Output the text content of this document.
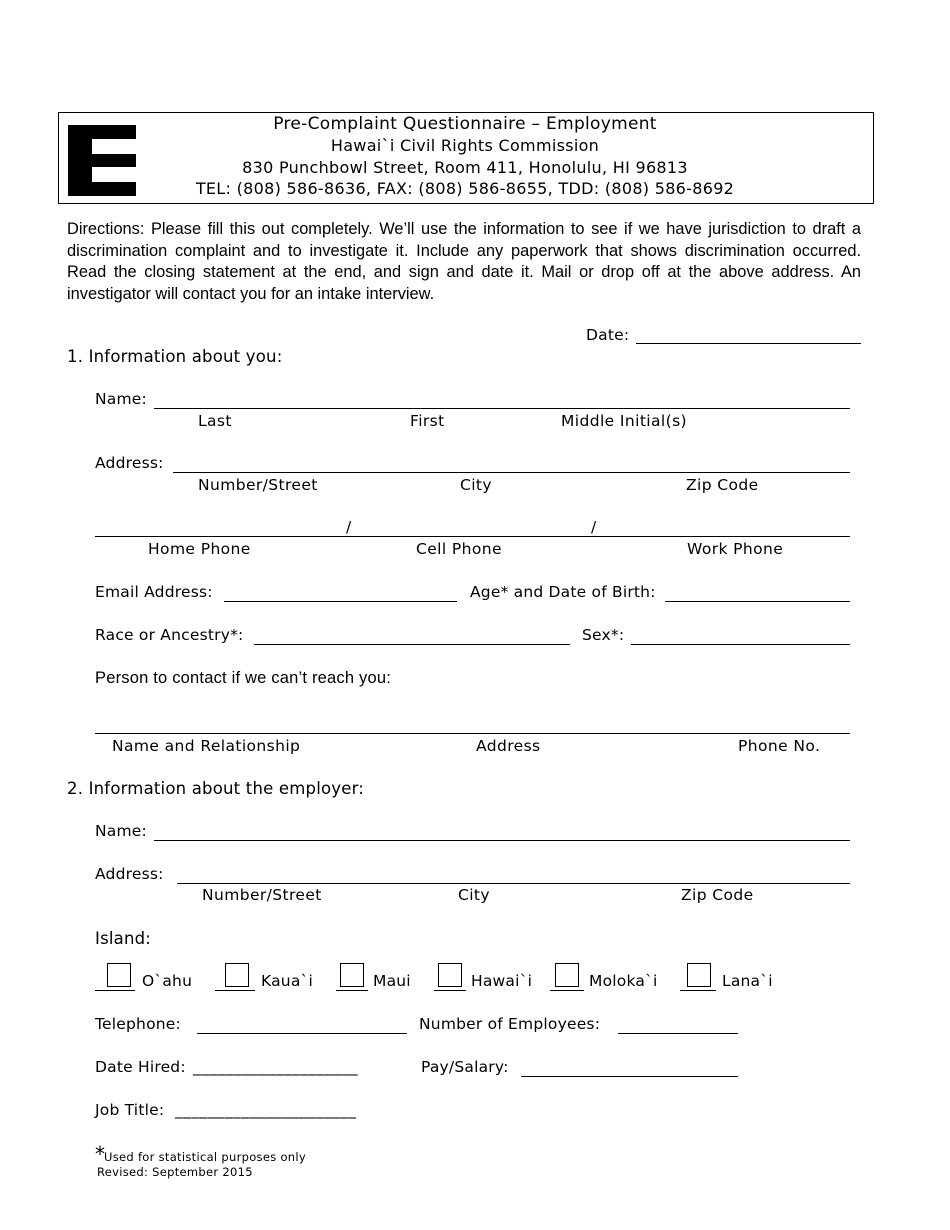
Pre-Complaint Questionnaire – Employment
Hawai`i Civil Rights Commission
830 Punchbowl Street, Room 411, Honolulu, HI 96813
TEL: (808) 586-8636, FAX: (808) 586-8655, TDD: (808) 586-8692
Directions: Please fill this out completely. We’ll use the information to see if we have jurisdiction to draft a discrimination complaint and to investigate it. Include any paperwork that shows discrimination occurred. Read the closing statement at the end, and sign and date it. Mail or drop off at the above address. An investigator will contact you for an intake interview.
Date:
1. Information about you:
Name:
Last	First	Middle Initial(s)
Address:
Number/Street	City	Zip Code
/	/
Home Phone	Cell Phone	Work Phone
Email Address:	Age* and Date of Birth:
Race or Ancestry*:	Sex*:
Person to contact if we can’t reach you:
Name and Relationship	Address	Phone No.
2. Information about the employer:
Name:
Address:
Number/Street	City	Zip Code
Island:
O`ahu	Kaua`i	Maui	Hawai`i	Moloka`i	Lana`i
Telephone:	Number of Employees:
Date Hired: ____________________	Pay/Salary:
Job Title: ______________________
* Used for statistical purposes only
Revised: September 2015
